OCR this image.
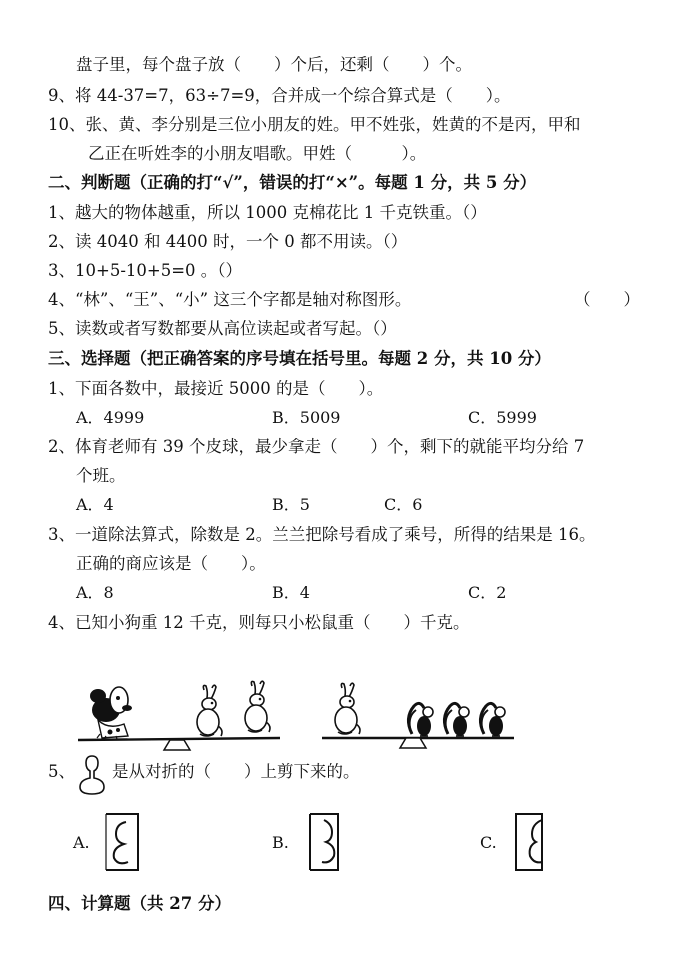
盘子里，每个盘子放（　　）个后，还剩（　　）个。
9、将 44-37=7，63÷7=9，合并成一个综合算式是（　　）。
10、张、黄、李分别是三位小朋友的姓。甲不姓张，姓黄的不是丙，甲和
乙正在听姓李的小朋友唱歌。甲姓（　　　）。
二、判断题（正确的打“√”，错误的打“×”。每题 1 分，共 5 分）
1、越大的物体越重，所以 1000 克棉花比 1 千克铁重。（）
2、读 4040 和 4400 时，一个 0 都不用读。（）
3、10+5-10+5=0 。（）
4、“林”、“王”、“小” 这三个字都是轴对称图形。	（　　）
5、读数或者写数都要从高位读起或者写起。（）
三、选择题（把正确答案的序号填在括号里。每题 2 分，共 10 分）
1、下面各数中，最接近 5000 的是（　　）。
A．4999	B．5009	C．5999
2、体育老师有 39 个皮球，最少拿走（　　）个，剩下的就能平均分给 7
个班。
A．4	B．5	C．6
3、一道除法算式，除数是 2。兰兰把除号看成了乘号，所得的结果是 16。
正确的商应该是（　　）。
A．8	B．4	C．2
4、已知小狗重 12 千克，则每只小松鼠重（　　）千克。
5、 是从对折的（　　）上剪下来的。
A.	B.	C.
四、计算题（共 27 分）
